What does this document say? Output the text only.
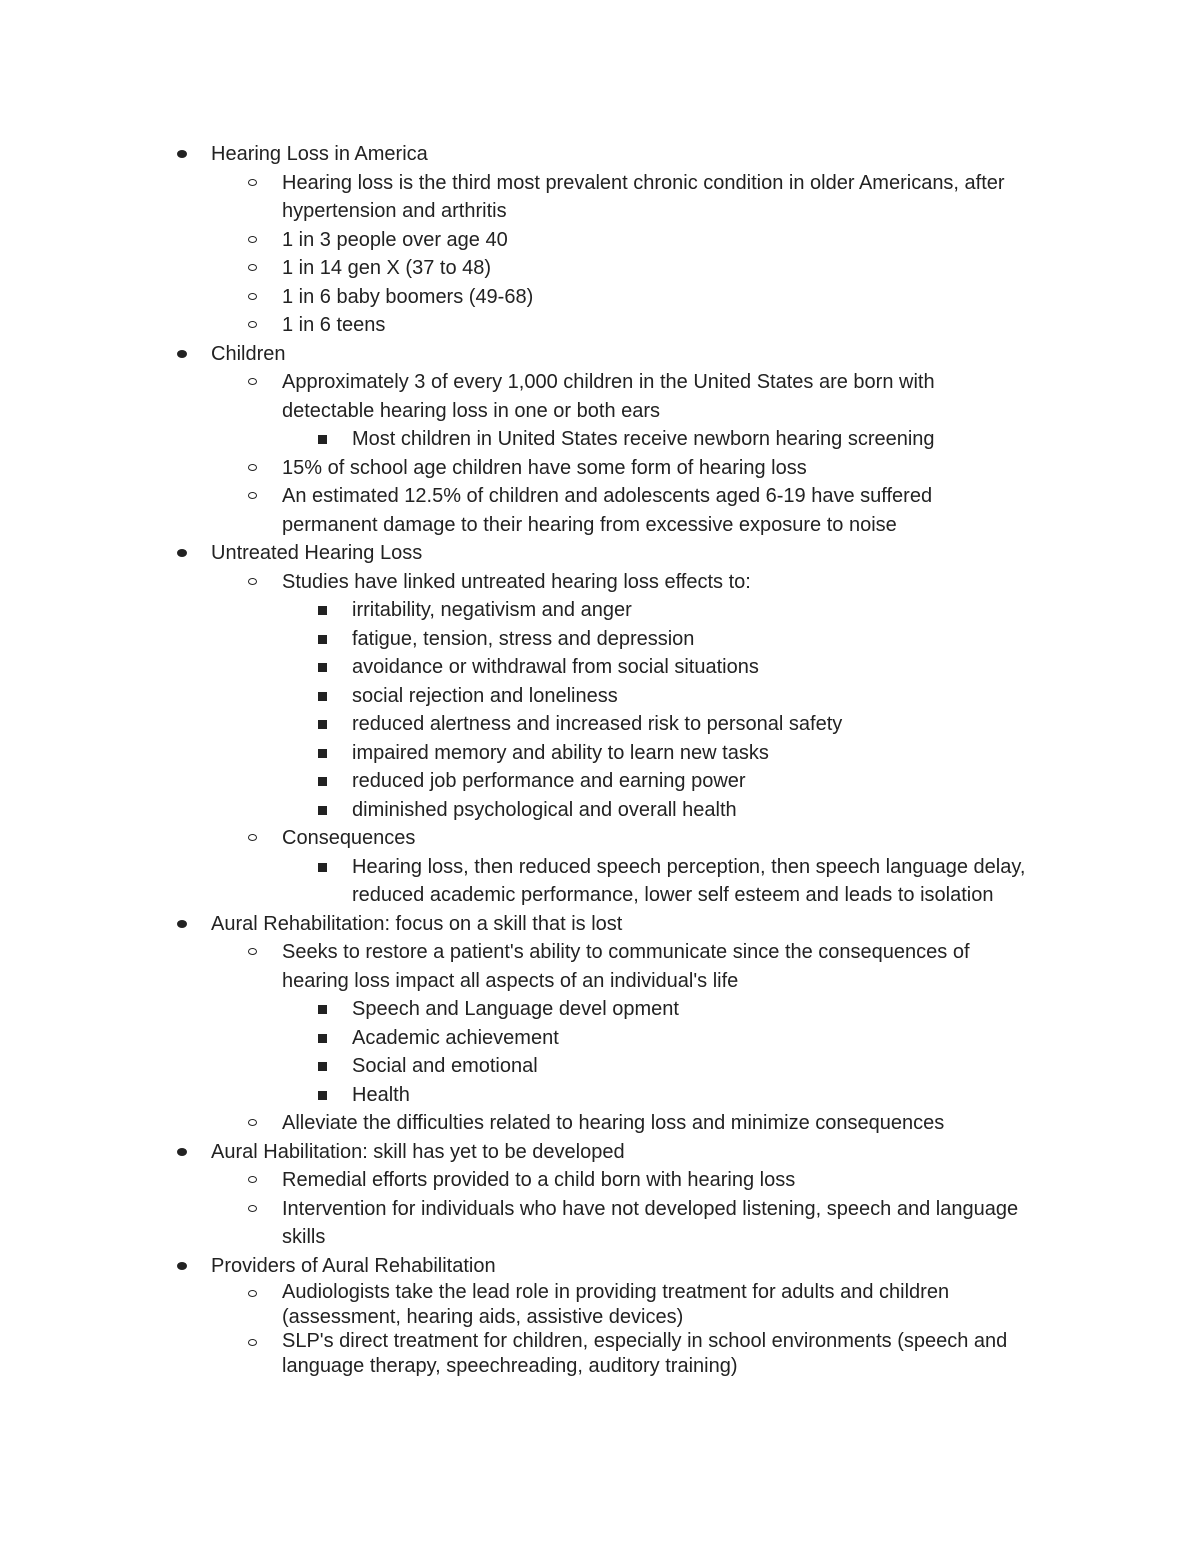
Hearing Loss in America
Hearing loss is the third most prevalent chronic condition in older Americans, after hypertension and arthritis
1 in 3 people over age 40
1 in 14 gen X (37 to 48)
1 in 6 baby boomers (49-68)
1 in 6 teens
Children
Approximately 3 of every 1,000 children in the United States are born with detectable hearing loss in one or both ears
Most children in United States receive newborn hearing screening
15% of school age children have some form of hearing loss
An estimated 12.5% of children and adolescents aged 6-19 have suffered permanent damage to their hearing from excessive exposure to noise
Untreated Hearing Loss
Studies have linked untreated hearing loss effects to:
irritability, negativism and anger
fatigue, tension, stress and depression
avoidance or withdrawal from social situations
social rejection and loneliness
reduced alertness and increased risk to personal safety
impaired memory and ability to learn new tasks
reduced job performance and earning power
diminished psychological and overall health
Consequences
Hearing loss, then reduced speech perception, then speech language delay, reduced academic performance, lower self esteem and leads to isolation
Aural Rehabilitation: focus on a skill that is lost
Seeks to restore a patient's ability to communicate since the consequences of hearing loss impact all aspects of an individual's life
Speech and Language devel opment
Academic achievement
Social and emotional
Health
Alleviate the difficulties related to hearing loss and minimize consequences
Aural Habilitation: skill has yet to be developed
Remedial efforts provided to a child born with hearing loss
Intervention for individuals who have not developed listening, speech and language skills
Providers of Aural Rehabilitation
Audiologists take the lead role in providing treatment for adults and children (assessment, hearing aids, assistive devices)
SLP's direct treatment for children, especially in school environments (speech and language therapy, speechreading, auditory training)
